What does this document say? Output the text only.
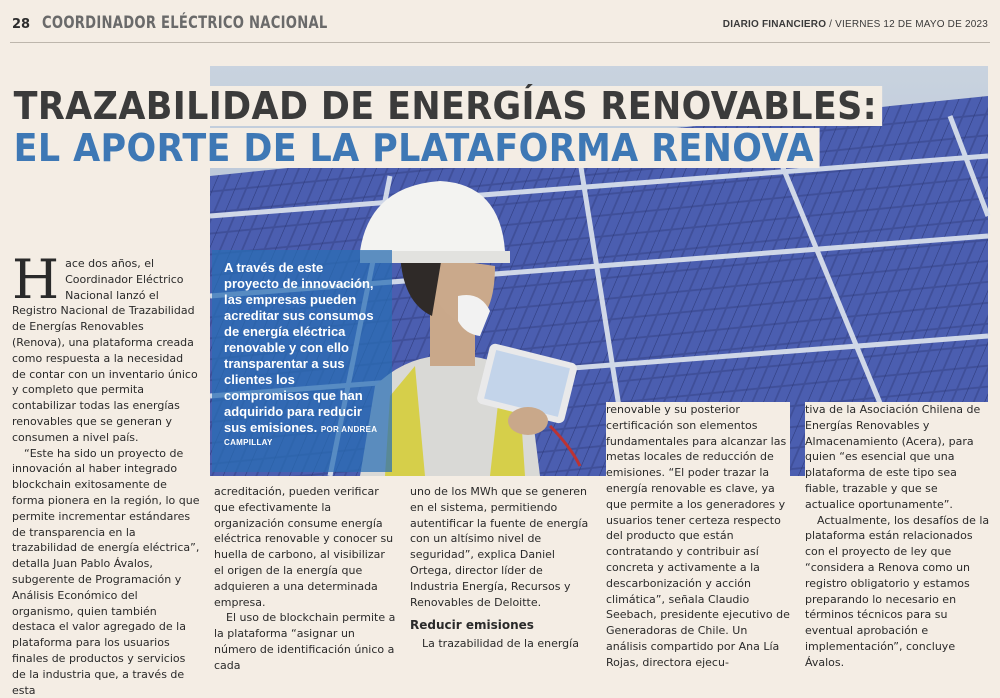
28 COORDINADOR ELÉCTRICO NACIONAL	DIARIO FINANCIERO / VIERNES 12 DE MAYO DE 2023
TRAZABILIDAD DE ENERGÍAS RENOVABLES:
EL APORTE DE LA PLATAFORMA RENOVA
A través de este proyecto de innovación, las empresas pueden acreditar sus consumos de energía eléctrica renovable y con ello transparentar a sus clientes los compromisos que han adquirido para reducir sus emisiones. POR ANDREA
CAMPILLAY

Hace dos años, el Coordinador Eléctrico Nacional lanzó el Registro Nacional de Trazabilidad de Energías Renovables (Renova), una plataforma creada como respuesta a la necesidad de contar con un inventario único y completo que permita contabilizar todas las energías renovables que se generan y consumen a nivel país.

“Este ha sido un proyecto de innovación al haber integrado blockchain exitosamente de forma pionera en la región, lo que permite incrementar estándares de transparencia en la trazabilidad de energía eléctrica”, detalla Juan Pablo Ávalos, subgerente de Programación y Análisis Económico del organismo, quien también destaca el valor agregado de la plataforma para los usuarios finales de productos y servicios de la industria que, a través de esta

acreditación, pueden verificar que efectivamente la organización consume energía eléctrica renovable y conocer su huella de carbono, al visibilizar el origen de la energía que adquieren a una determinada empresa.

El uso de blockchain permite a la plataforma “asignar un número de identificación único a cada

uno de los MWh que se generen en el sistema, permitiendo autentificar la fuente de energía con un altísimo nivel de seguridad”, explica Daniel Ortega, director líder de Industria Energía, Recursos y Renovables de Deloitte.

Reducir emisiones

La trazabilidad de la energía

renovable y su posterior certificación son elementos fundamentales para alcanzar las metas locales de reducción de emisiones. “El poder trazar la energía renovable es clave, ya que permite a los generadores y usuarios tener certeza respecto del producto que están contratando y contribuir así concreta y activamente a la descarbonización y acción climática”, señala Claudio Seebach, presidente ejecutivo de Generadoras de Chile. Un análisis compartido por Ana Lía Rojas, directora ejecu-

tiva de la Asociación Chilena de Energías Renovables y Almacenamiento (Acera), para quien “es esencial que una plataforma de este tipo sea fiable, trazable y que se actualice oportunamente”.

Actualmente, los desafíos de la plataforma están relacionados con el proyecto de ley que “considera a Renova como un registro obligatorio y estamos preparando lo necesario en términos técnicos para su eventual aprobación e implementación”, concluye Ávalos.
